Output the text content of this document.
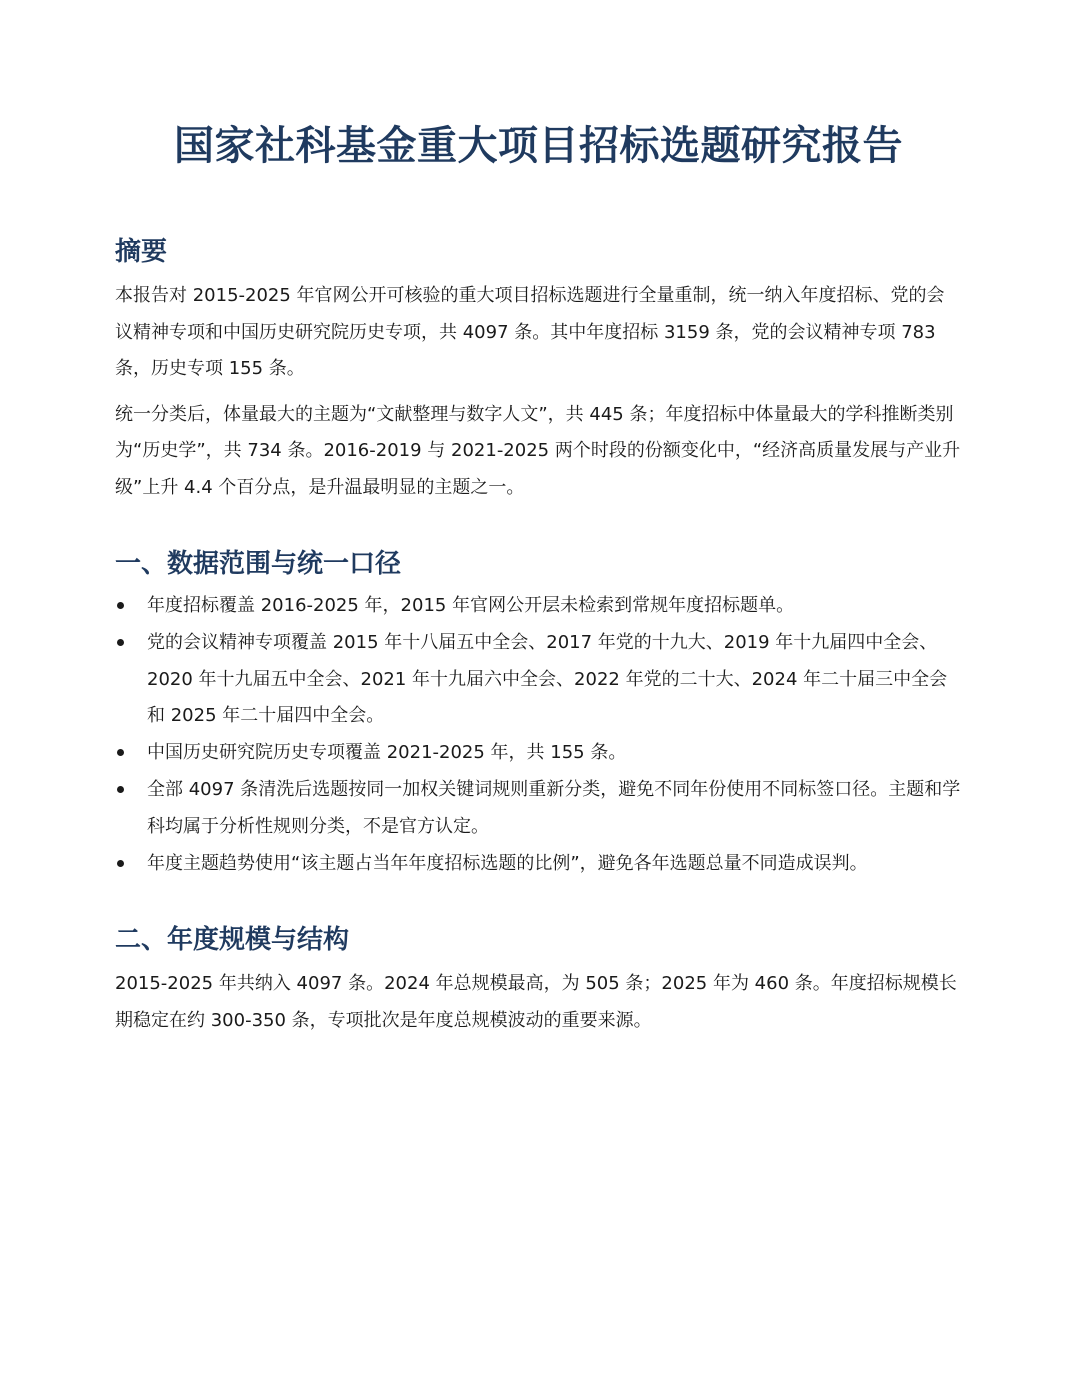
国家社科基金重大项目招标选题研究报告
摘要

本报告对 2015-2025 年官网公开可核验的重大项目招标选题进行全量重制，统一纳入年度招标、党的会议精神专项和中国历史研究院历史专项，共 4097 条。其中年度招标 3159 条，党的会议精神专项 783 条，历史专项 155 条。

统一分类后，体量最大的主题为“文献整理与数字人文”，共 445 条；年度招标中体量最大的学科推断类别为“历史学”，共 734 条。2016-2019 与 2021-2025 两个时段的份额变化中，“经济高质量发展与产业升级”上升 4.4 个百分点，是升温最明显的主题之一。

一、数据范围与统一口径
年度招标覆盖 2016-2025 年，2015 年官网公开层未检索到常规年度招标题单。
党的会议精神专项覆盖 2015 年十八届五中全会、2017 年党的十九大、2019 年十九届四中全会、2020 年十九届五中全会、2021 年十九届六中全会、2022 年党的二十大、2024 年二十届三中全会和 2025 年二十届四中全会。
中国历史研究院历史专项覆盖 2021-2025 年，共 155 条。
全部 4097 条清洗后选题按同一加权关键词规则重新分类，避免不同年份使用不同标签口径。主题和学科均属于分析性规则分类，不是官方认定。
年度主题趋势使用“该主题占当年年度招标选题的比例”，避免各年选题总量不同造成误判。
二、年度规模与结构

2015-2025 年共纳入 4097 条。2024 年总规模最高，为 505 条；2025 年为 460 条。年度招标规模长期稳定在约 300-350 条，专项批次是年度总规模波动的重要来源。
